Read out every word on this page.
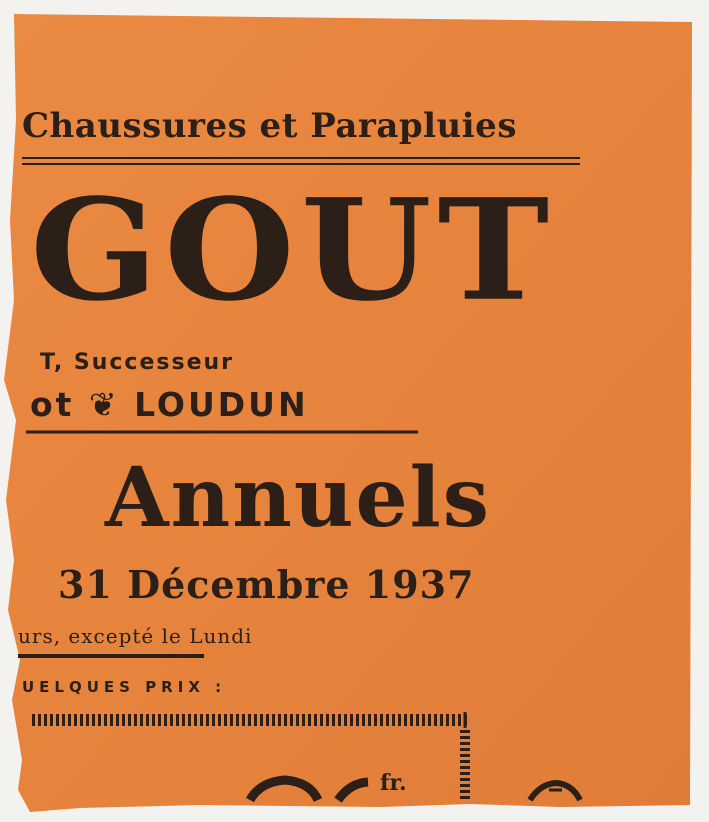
Chaussures et Parapluies
GOUT
T, Successeur
ot ❦ LOUDUN
Annuels
31 Décembre 1937
urs, excepté le Lundi
UELQUES PRIX :
fr.
